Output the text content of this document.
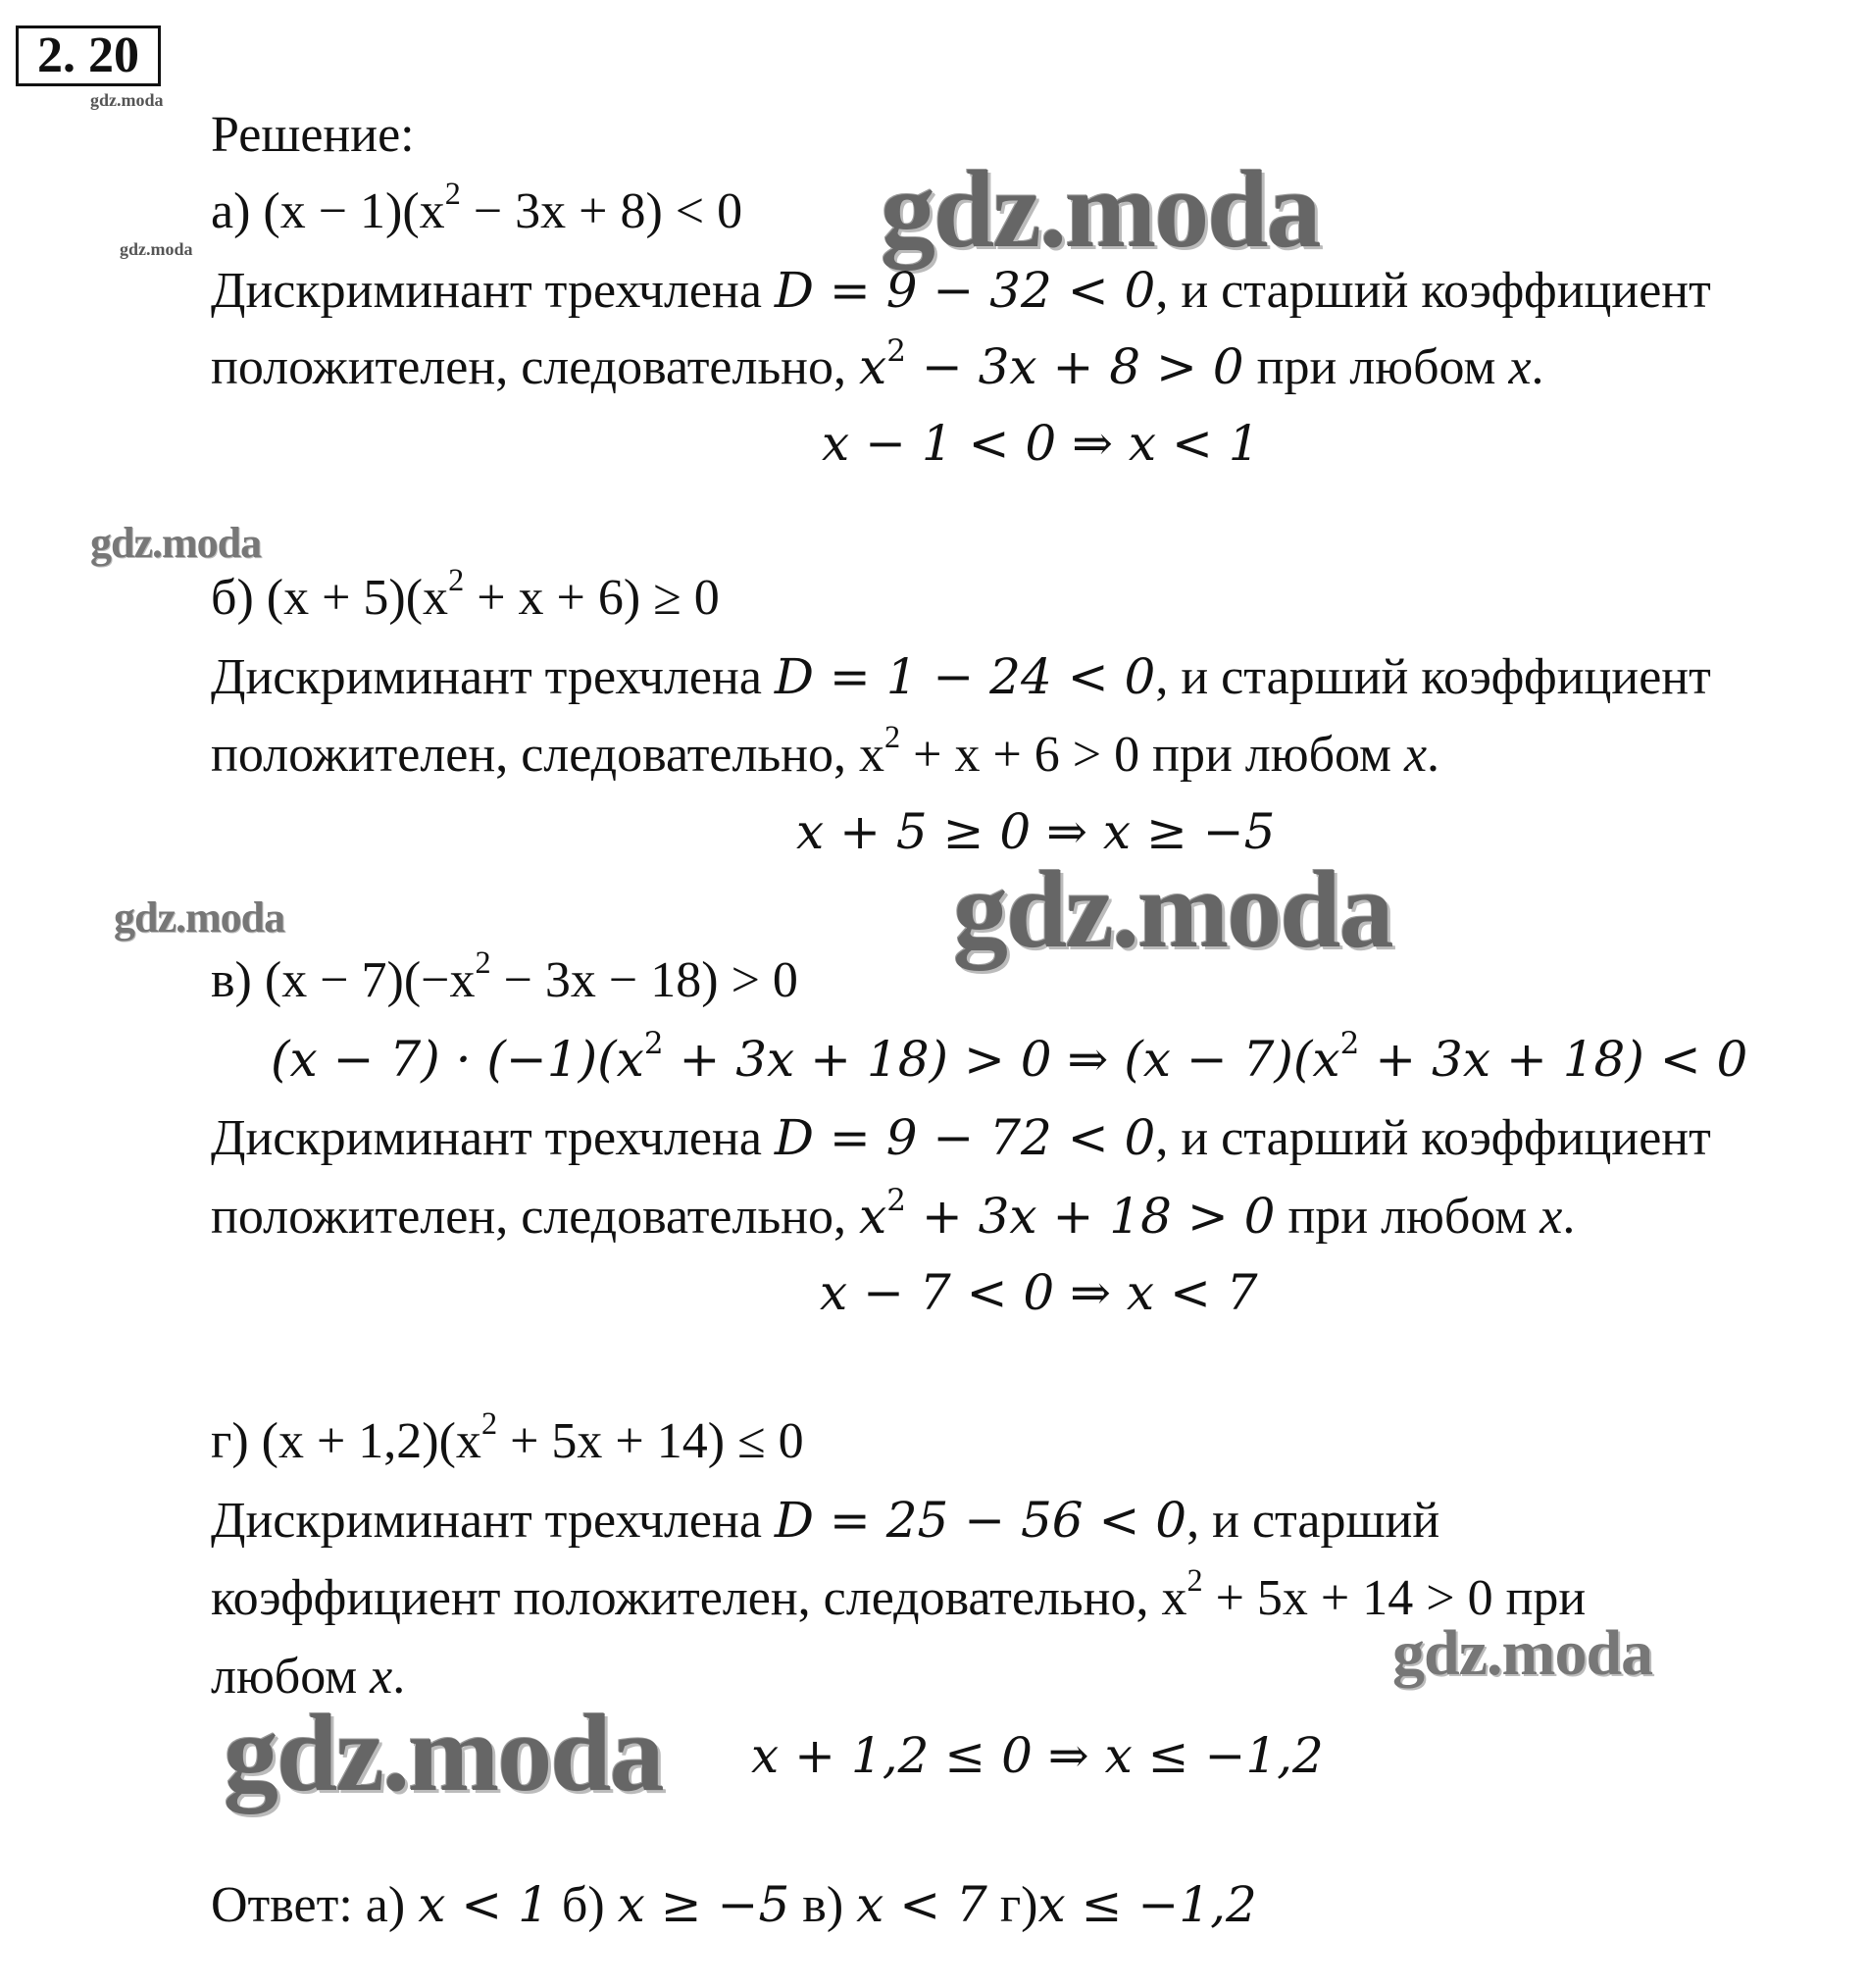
2. 20
gdz.moda
Решение:
а) $(x - 1)(x^2 - 3x + 8) < 0$ gdz.moda
gdz.moda
Дискриминант трехчлена D = 9 − 32 < 0, и старший коэффициент
положителен, следовательно, $x^2 - 3x + 8 > 0$ при любом x.
x − 1 < 0 ⇒ x < 1
gdz.moda
б) $(x + 5)(x^2 + x + 6) \ge 0$
Дискриминант трехчлена D = 1 − 24 < 0, и старший коэффициент
положителен, следовательно, $x^2 + x + 6 > 0$ при любом x.
x + 5 ≥ 0 ⇒ x ≥ −5
gdz.moda	gdz.moda
в) $(x - 7)(-x^2 - 3x - 18) > 0$
$(x - 7) \cdot (-1)(x^2 + 3x + 18) > 0$ ⇒ $(x - 7)(x^2 + 3x + 18) < 0$
Дискриминант трехчлена D = 9 − 72 < 0, и старший коэффициент
положителен, следовательно, $x^2 + 3x + 18 > 0$ при любом x.
x − 7 < 0 ⇒ x < 7
г) $(x + 1,2)(x^2 + 5x + 14) \le 0$
Дискриминант трехчлена D = 25 − 56 < 0, и старший
коэффициент положителен, следовательно, $x^2 + 5x + 14 > 0$ при
gdz.moda
любом x.
gdz.moda x + 1,2 ≤ 0 ⇒ x ≤ −1,2
Ответ: а) x < 1 б) x ≥ −5 в) x < 7 г)x ≤ −1,2
